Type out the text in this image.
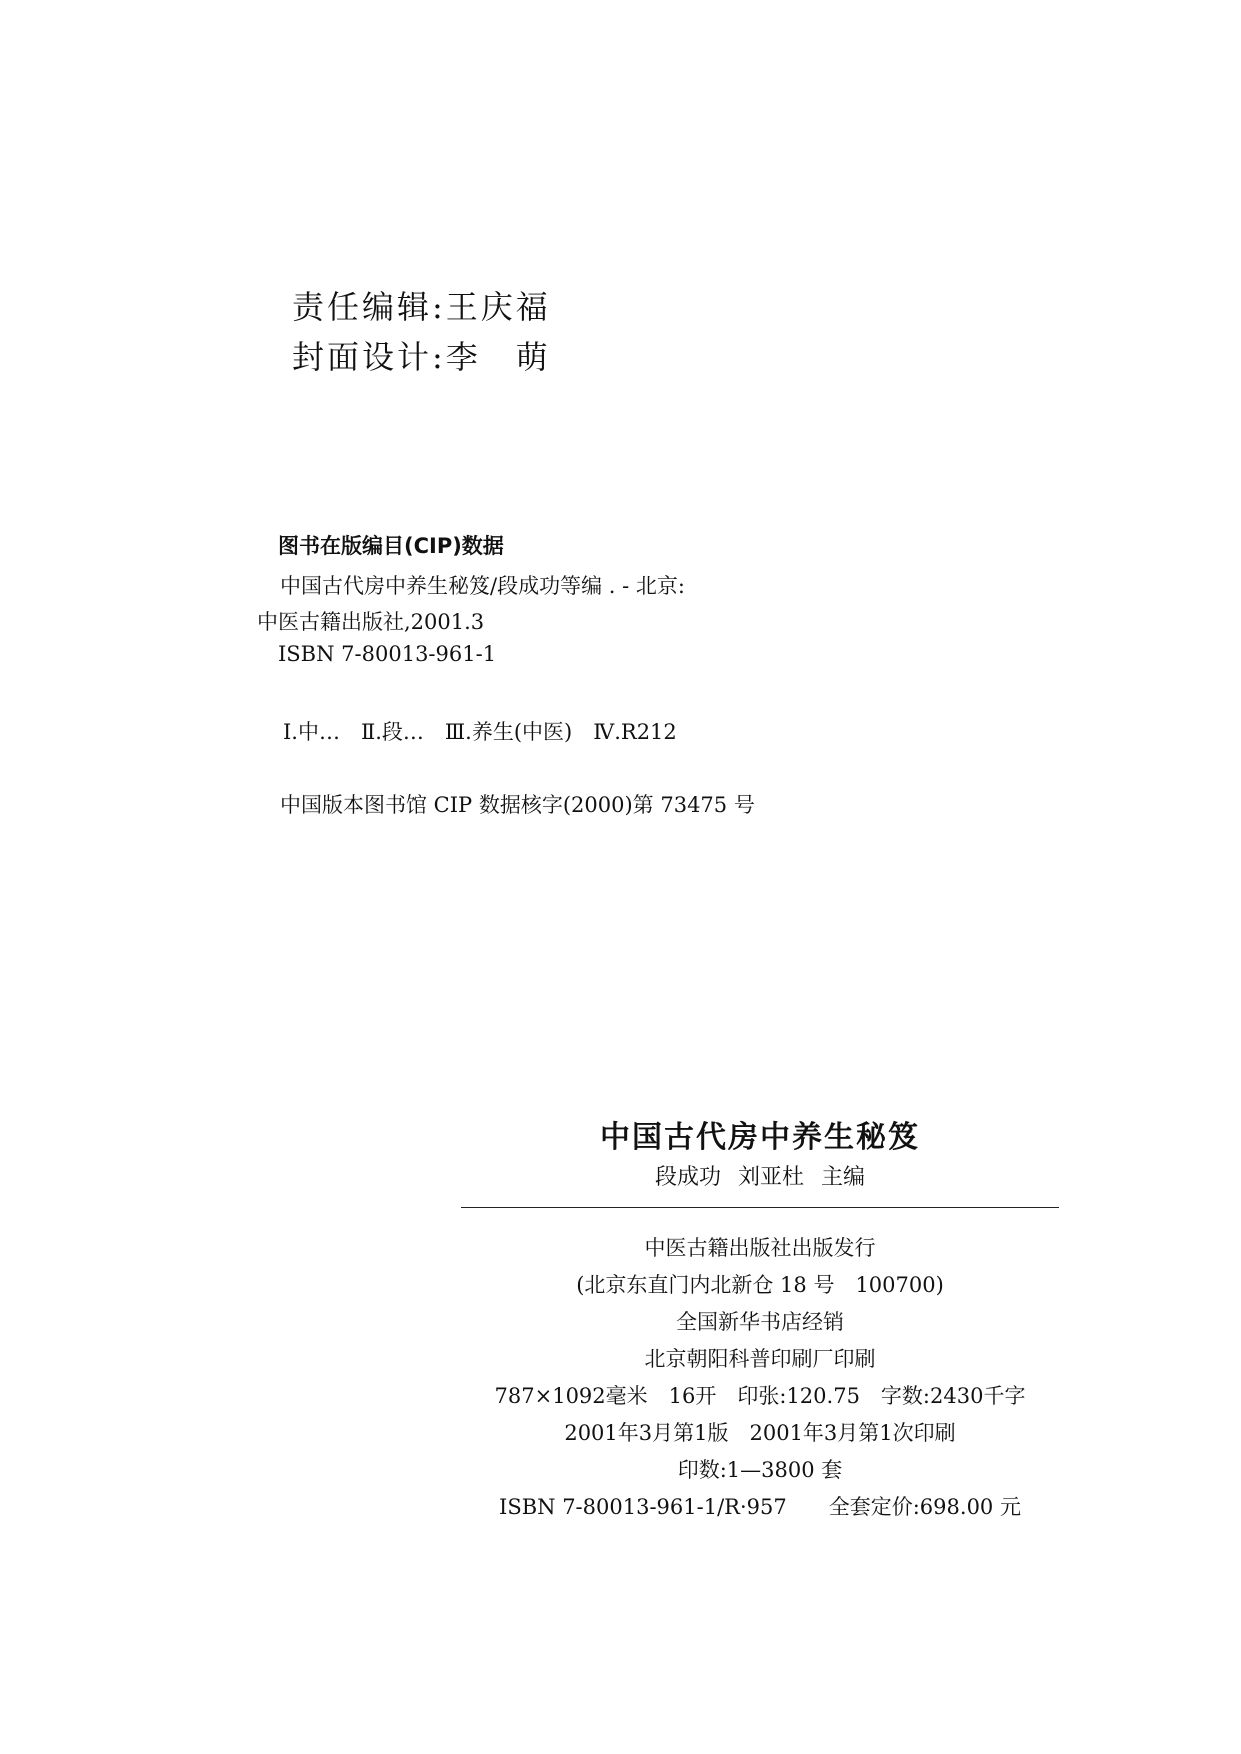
责任编辑:王庆福
封面设计:李　萌
图书在版编目(CIP)数据
中国古代房中养生秘笈/段成功等编 . - 北京:
中医古籍出版社,2001.3
ISBN 7-80013-961-1
Ⅰ.中…　Ⅱ.段…　Ⅲ.养生(中医)　Ⅳ.R212
中国版本图书馆 CIP 数据核字(2000)第 73475 号
中国古代房中养生秘笈
段成功 刘亚杜 主编
中医古籍出版社出版发行
(北京东直门内北新仓 18 号　100700)
全国新华书店经销
北京朝阳科普印刷厂印刷
787×1092毫米　16开　印张:120.75　字数:2430千字
2001年3月第1版　2001年3月第1次印刷
印数:1—3800 套
ISBN 7-80013-961-1/R·957　　全套定价:698.00 元
